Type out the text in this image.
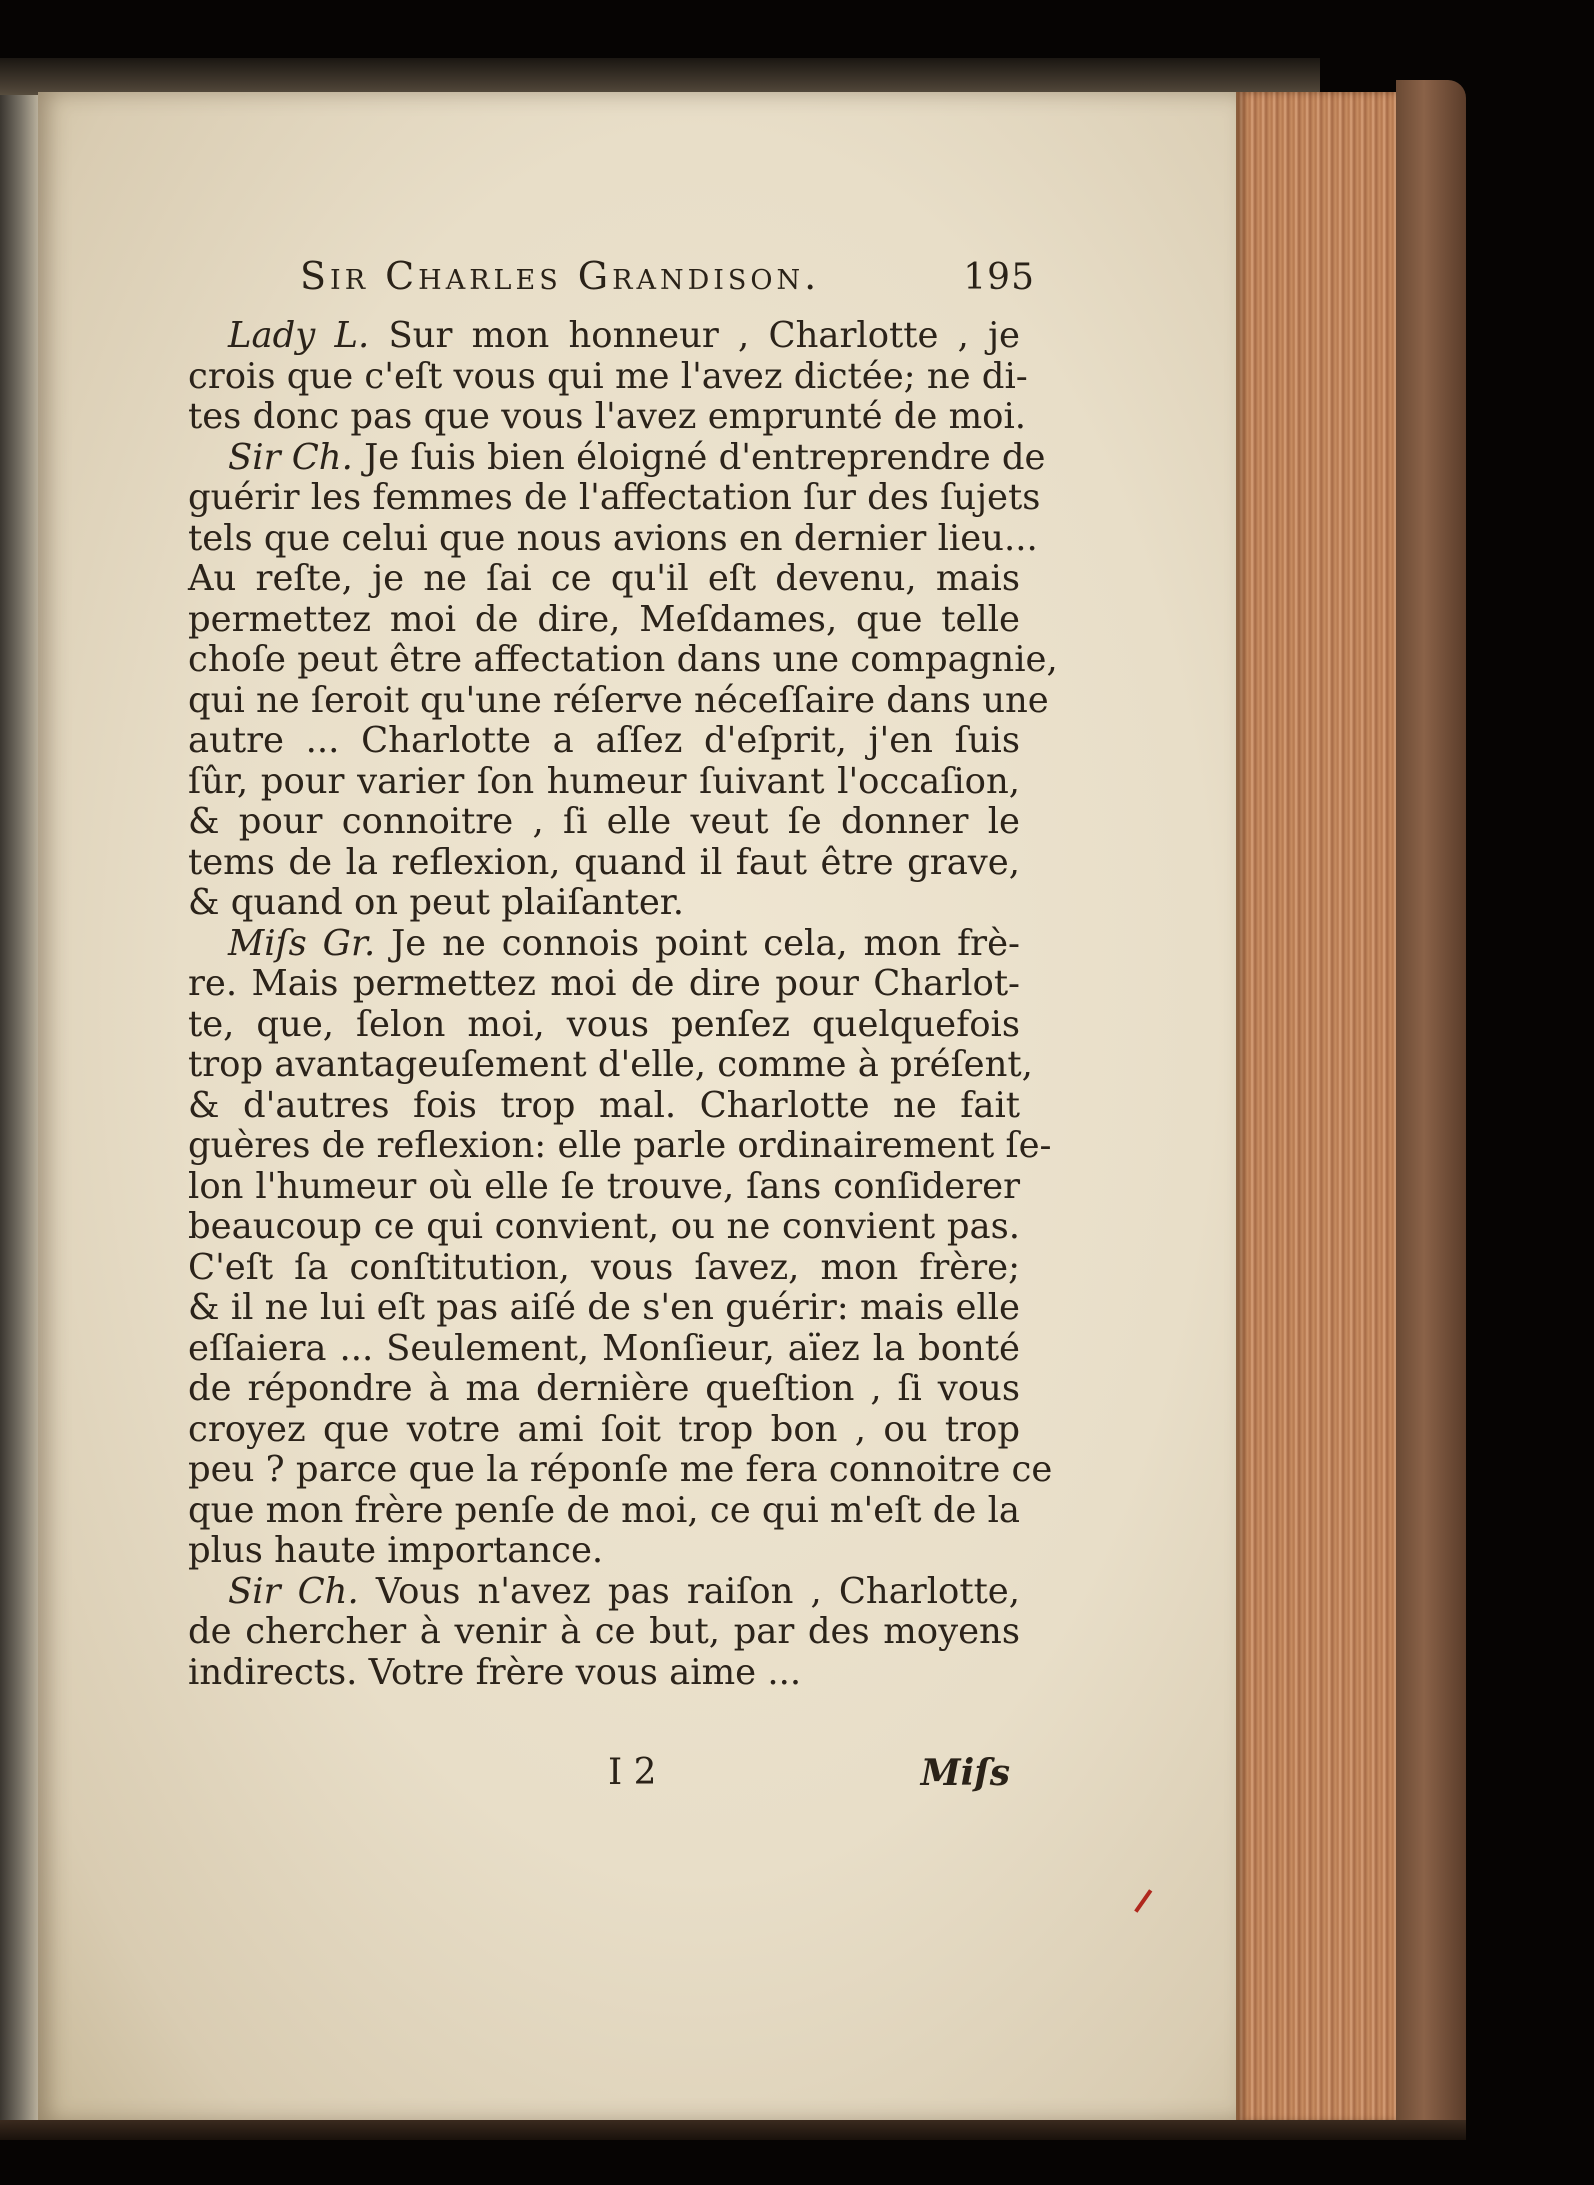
Sir Charles Grandison.	195
Lady L. Sur mon honneur , Charlotte , je
crois que c'eſt vous qui me l'avez dictée; ne di-
tes donc pas que vous l'avez emprunté de moi.
Sir Ch. Je ſuis bien éloigné d'entreprendre de
guérir les femmes de l'affectation ſur des ſujets
tels que celui que nous avions en dernier lieu...
Au reſte, je ne ſai ce qu'il eſt devenu, mais
permettez moi de dire, Meſdames, que telle
choſe peut être affectation dans une compagnie,
qui ne ſeroit qu'une réſerve néceſſaire dans une
autre ... Charlotte a aſſez d'eſprit, j'en ſuis
ſûr, pour varier ſon humeur ſuivant l'occaſion,
& pour connoitre , ſi elle veut ſe donner le
tems de la reflexion, quand il faut être grave,
& quand on peut plaiſanter.
Miſs Gr. Je ne connois point cela, mon frè-
re. Mais permettez moi de dire pour Charlot-
te, que, ſelon moi, vous penſez quelquefois
trop avantageuſement d'elle, comme à préſent,
& d'autres fois trop mal. Charlotte ne fait
guères de reflexion: elle parle ordinairement ſe-
lon l'humeur où elle ſe trouve, ſans conſiderer
beaucoup ce qui convient, ou ne convient pas.
C'eſt ſa conſtitution, vous ſavez, mon frère;
& il ne lui eſt pas aiſé de s'en guérir: mais elle
eſſaiera ... Seulement, Monſieur, aïez la bonté
de répondre à ma dernière queſtion , ſi vous
croyez que votre ami ſoit trop bon , ou trop
peu ? parce que la réponſe me fera connoitre ce
que mon frère penſe de moi, ce qui m'eſt de la
plus haute importance.
Sir Ch. Vous n'avez pas raiſon , Charlotte,
de chercher à venir à ce but, par des moyens
indirects. Votre frère vous aime ...
I 2	Miſs
